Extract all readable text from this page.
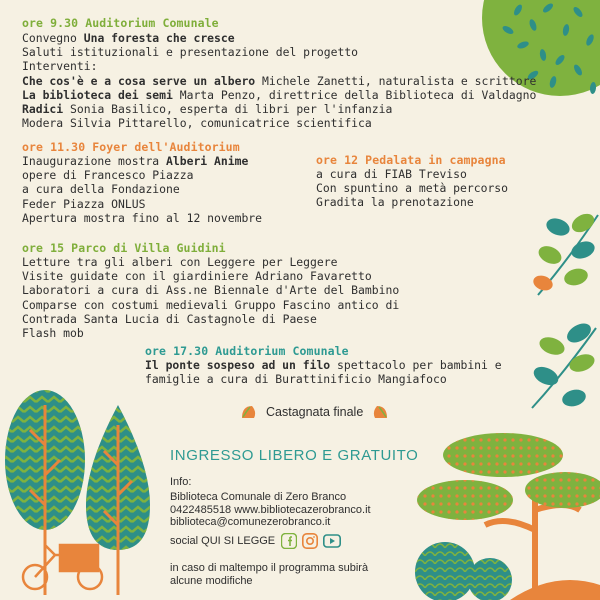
ore 9.30 Auditorium Comunale
Convegno Una foresta che cresce
Saluti istituzionali e presentazione del progetto
Interventi:
Che cos'è e a cosa serve un albero Michele Zanetti, naturalista e scrittore
La biblioteca dei semi Marta Penzo, direttrice della Biblioteca di Valdagno
Radici Sonia Basilico, esperta di libri per l'infanzia
Modera Silvia Pittarello, comunicatrice scientifica
ore 11.30 Foyer dell'Auditorium
Inaugurazione mostra Alberi Anime
opere di Francesco Piazza
a cura della Fondazione
Feder Piazza ONLUS
Apertura mostra fino al 12 novembre
ore 12 Pedalata in campagna
a cura di FIAB Treviso
Con spuntino a metà percorso
Gradita la prenotazione
ore 15 Parco di Villa Guidini
Letture tra gli alberi con Leggere per Leggere
Visite guidate con il giardiniere Adriano Favaretto
Laboratori a cura di Ass.ne Biennale d'Arte del Bambino
Comparse con costumi medievali Gruppo Fascino antico di
Contrada Santa Lucia di Castagnole di Paese
Flash mob
ore 17.30 Auditorium Comunale
Il ponte sospeso ad un filo spettacolo per bambini e
famiglie a cura di Burattinificio Mangiafoco
Castagnata finale
INGRESSO LIBERO E GRATUITO
Info:
Biblioteca Comunale di Zero Branco
0422485518 www.bibliotecazerobranco.it
biblioteca@comunezerobranco.it
social QUI SI LEGGE
in caso di maltempo il programma subirà
alcune modifiche
